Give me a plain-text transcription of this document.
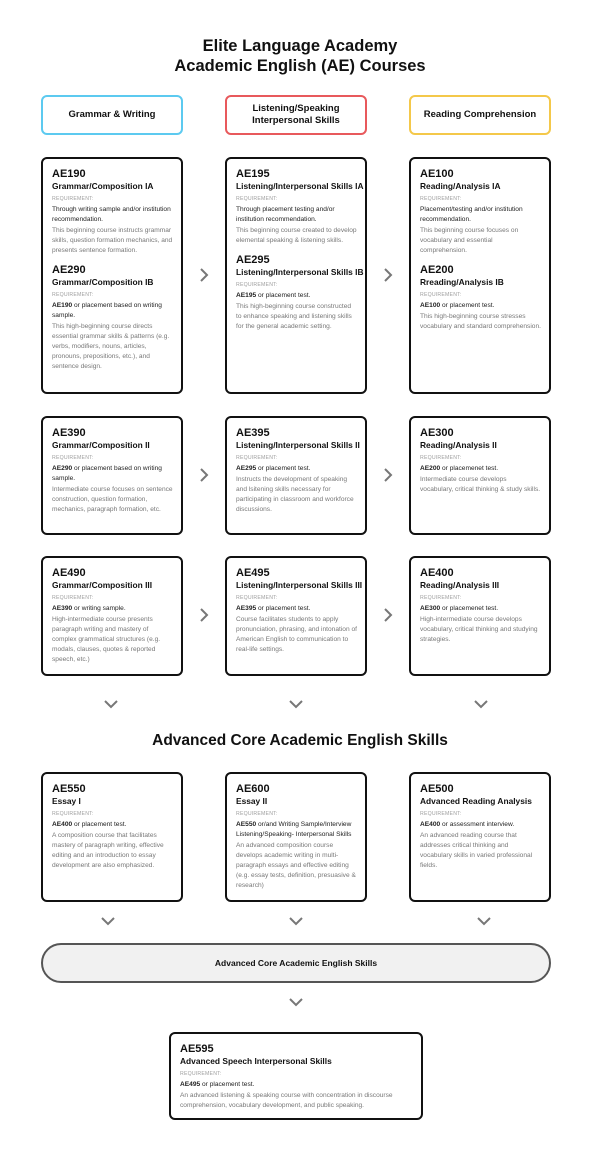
Elite Language Academy
Academic English (AE) Courses
Grammar & Writing
Listening/Speaking
Interpersonal Skills
Reading Comprehension
AE190
Grammar/Composition IA
REQUIREMENT:
Through writing sample and/or institution recommendation.
This beginning course instructs grammar skills, question formation mechanics, and presents sentence formation.
AE290
Grammar/Composition IB
REQUIREMENT:
AE190 or placement based on writing sample.
This high-beginning course directs essential grammar skills & patterns (e.g. verbs, modifiers, nouns, articles, pronouns, prepositions, etc.), and sentence design.
AE195
Listening/Interpersonal Skills IA
REQUIREMENT:
Through placement testing and/or institution recommendation.
This beginning course created to develop elemental speaking & listening skills.
AE295
Listening/Interpersonal Skills IB
REQUIREMENT:
AE195 or placement test.
This high-beginning course constructed to enhance speaking and listening skills for the general academic setting.
AE100
Reading/Analysis IA
REQUIREMENT:
Placement/testing and/or institution recommendation.
This beginning course focuses on vocabulary and essential comprehension.
AE200
Rreading/Analysis IB
REQUIREMENT:
AE100 or placement test.
This high-beginning course stresses vocabulary and standard comprehension.
AE390
Grammar/Composition II
REQUIREMENT:
AE290 or placement based on writing sample.
Intermediate course focuses on sentence construction, question formation, mechanics, paragraph formation, etc.
AE395
Listening/Interpersonal Skills II
REQUIREMENT:
AE295 or placement test.
Instructs the development of speaking and lsitening skills necessary for participating in classroom and workforce discussions.
AE300
Reading/Analysis II
REQUIREMENT:
AE200 or placemenet test.
Intermediate course develops vocabulary, critical thinking & study skills.
AE490
Grammar/Composition III
REQUIREMENT:
AE390 or writing sample.
High-intermediate course presents paragraph writing and mastery of complex grammatical structures (e.g. modals, clauses, quotes & reported speech, etc.)
AE495
Listening/Interpersonal Skills III
REQUIREMENT:
AE395 or placement test.
Course facilitates students to apply pronunciation, phrasing, and intonation of American English to communication to real-life settings.
AE400
Reading/Analysis III
REQUIREMENT:
AE300 or placemenet test.
High-intermediate course develops vocabulary, critical thinking and studying strategies.
Advanced Core Academic English Skills
AE550
Essay I
REQUIREMENT:
AE400 or placement test.
A composition course that facilitates mastery of paragraph writing, effective editing and an introduction to essay development are also emphasized.
AE600
Essay II
REQUIREMENT:
AE550 or/and Writing Sample/Interview Listening/Speaking- Interpersonal Skills
An advanced composition course develops academic writing in multi-paragraph essays and effective editing (e.g. essay tests, definition, presuasive & research)
AE500
Advanced Reading Analysis
REQUIREMENT:
AE400 or assessment interview.
An advanced reading course that addresses critical thinking and vocabulary skills in varied professional fields.
Advanced Core Academic English Skills
AE595
Advanced Speech Interpersonal Skills
REQUIREMENT:
AE495 or placement test.
An advanced listening & speaking course with concentration in discourse comprehension, vocabulary development, and public speaking.
